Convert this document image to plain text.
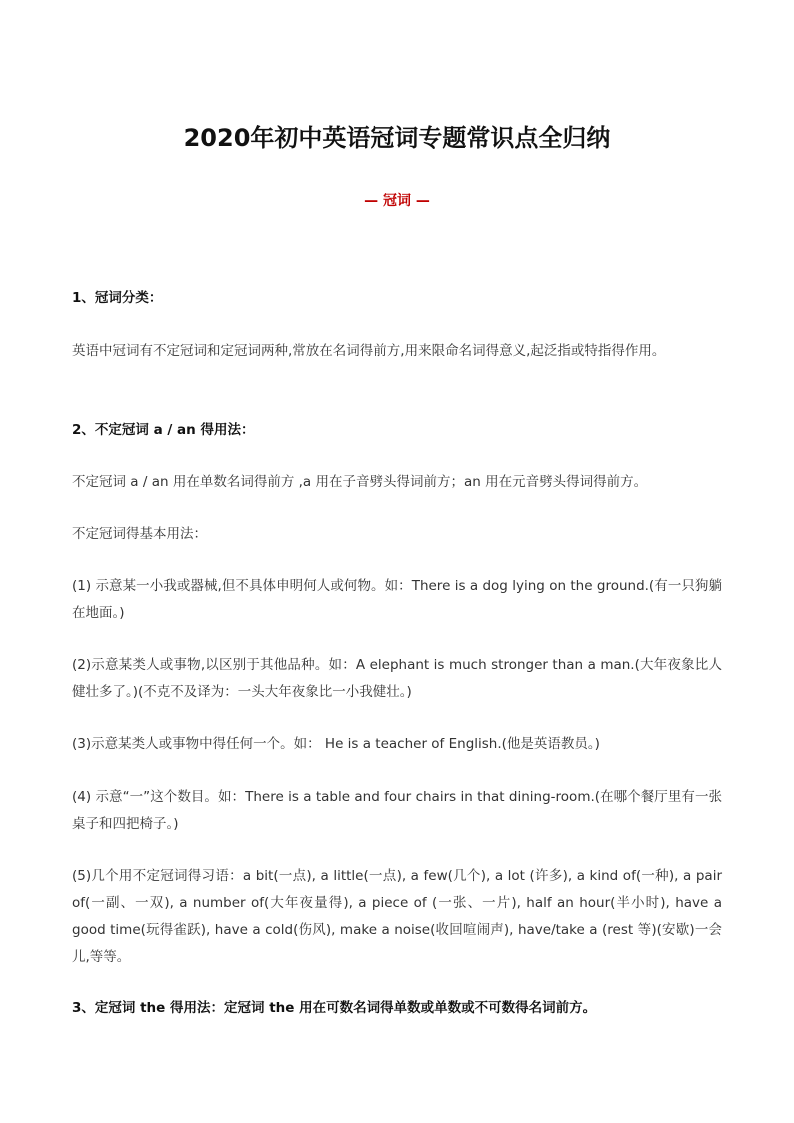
2020年初中英语冠词专题常识点全归纳
— 冠词 —
1、冠词分类：
英语中冠词有不定冠词和定冠词两种,常放在名词得前方,用来限命名词得意义,起泛指或特指得作用。
2、不定冠词 a / an 得用法：
不定冠词 a / an 用在单数名词得前方 ,a 用在子音劈头得词前方；an 用在元音劈头得词得前方。
不定冠词得基本用法：
(1) 示意某一小我或器械,但不具体申明何人或何物。如：There is a dog lying on the ground.(有一只狗躺在地面。)
(2)示意某类人或事物,以区别于其他品种。如：A elephant is much stronger than a man.(大年夜象比人健壮多了。)(不克不及译为：一头大年夜象比一小我健壮。)
(3)示意某类人或事物中得任何一个。如： He is a teacher of English.(他是英语教员。)
(4) 示意“一”这个数目。如：There is a table and four chairs in that dining-room.(在哪个餐厅里有一张桌子和四把椅子。)
(5)几个用不定冠词得习语：a bit(一点), a little(一点), a few(几个), a lot (许多), a kind of(一种), a pair of(一副、一双), a number of(大年夜量得), a piece of (一张、一片), half an hour(半小时), have a good time(玩得雀跃), have a cold(伤风), make a noise(收回喧闹声), have/take a (rest 等)(安歇)一会儿,等等。
3、定冠词 the 得用法：定冠词 the 用在可数名词得单数或单数或不可数得名词前方。
